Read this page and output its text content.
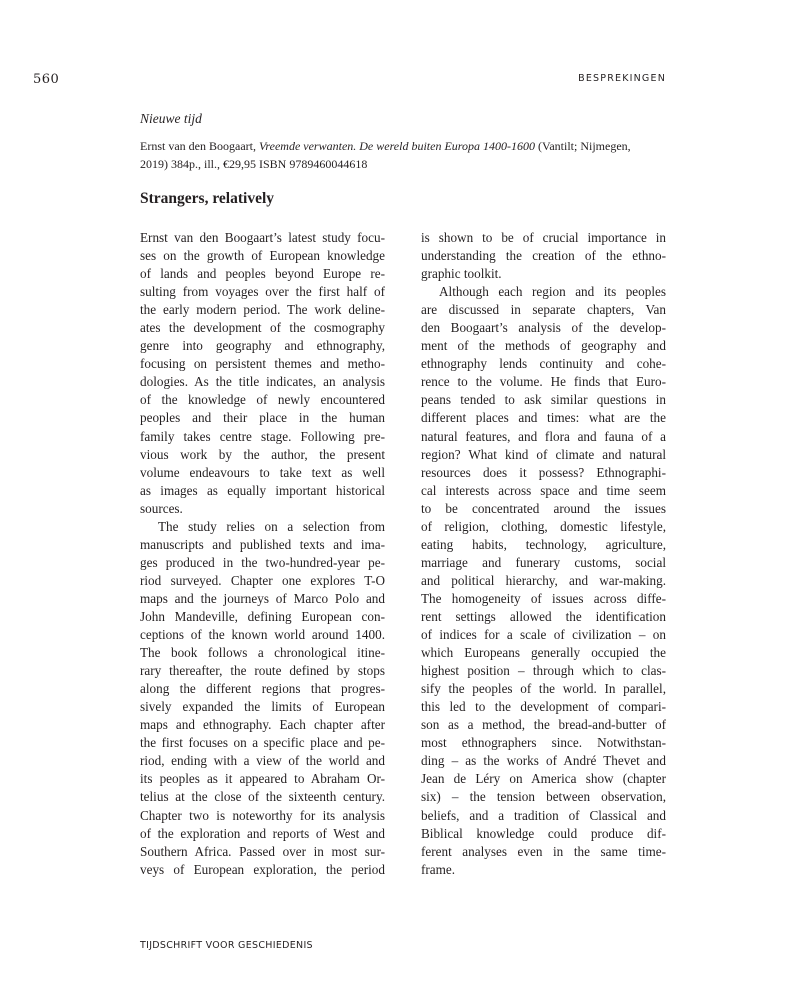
560	BESPREKINGEN
Nieuwe tijd
Ernst van den Boogaart, Vreemde verwanten. De wereld buiten Europa 1400-1600 (Vantilt; Nijmegen,
2019) 384p., ill., €29,95 ISBN 9789460044618
Strangers, relatively
Ernst van den Boogaart’s latest study focu-
ses on the growth of European knowledge
of lands and peoples beyond Europe re-
sulting from voyages over the first half of
the early modern period. The work deline-
ates the development of the cosmography
genre into geography and ethnography,
focusing on persistent themes and metho-
dologies. As the title indicates, an analysis
of the knowledge of newly encountered
peoples and their place in the human
family takes centre stage. Following pre-
vious work by the author, the present
volume endeavours to take text as well
as images as equally important historical
sources.
The study relies on a selection from
manuscripts and published texts and ima-
ges produced in the two-hundred-year pe-
riod surveyed. Chapter one explores T-O
maps and the journeys of Marco Polo and
John Mandeville, defining European con-
ceptions of the known world around 1400.
The book follows a chronological itine-
rary thereafter, the route defined by stops
along the different regions that progres-
sively expanded the limits of European
maps and ethnography. Each chapter after
the first focuses on a specific place and pe-
riod, ending with a view of the world and
its peoples as it appeared to Abraham Or-
telius at the close of the sixteenth century.
Chapter two is noteworthy for its analysis
of the exploration and reports of West and
Southern Africa. Passed over in most sur-
veys of European exploration, the period
is shown to be of crucial importance in
understanding the creation of the ethno-
graphic toolkit.
Although each region and its peoples
are discussed in separate chapters, Van
den Boogaart’s analysis of the develop-
ment of the methods of geography and
ethnography lends continuity and cohe-
rence to the volume. He finds that Euro-
peans tended to ask similar questions in
different places and times: what are the
natural features, and flora and fauna of a
region? What kind of climate and natural
resources does it possess? Ethnographi-
cal interests across space and time seem
to be concentrated around the issues
of religion, clothing, domestic lifestyle,
eating habits, technology, agriculture,
marriage and funerary customs, social
and political hierarchy, and war-making.
The homogeneity of issues across diffe-
rent settings allowed the identification
of indices for a scale of civilization – on
which Europeans generally occupied the
highest position – through which to clas-
sify the peoples of the world. In parallel,
this led to the development of compari-
son as a method, the bread-and-butter of
most ethnographers since. Notwithstan-
ding – as the works of André Thevet and
Jean de Léry on America show (chapter
six) – the tension between observation,
beliefs, and a tradition of Classical and
Biblical knowledge could produce dif-
ferent analyses even in the same time-
frame.
TIJDSCHRIFT VOOR GESCHIEDENIS
